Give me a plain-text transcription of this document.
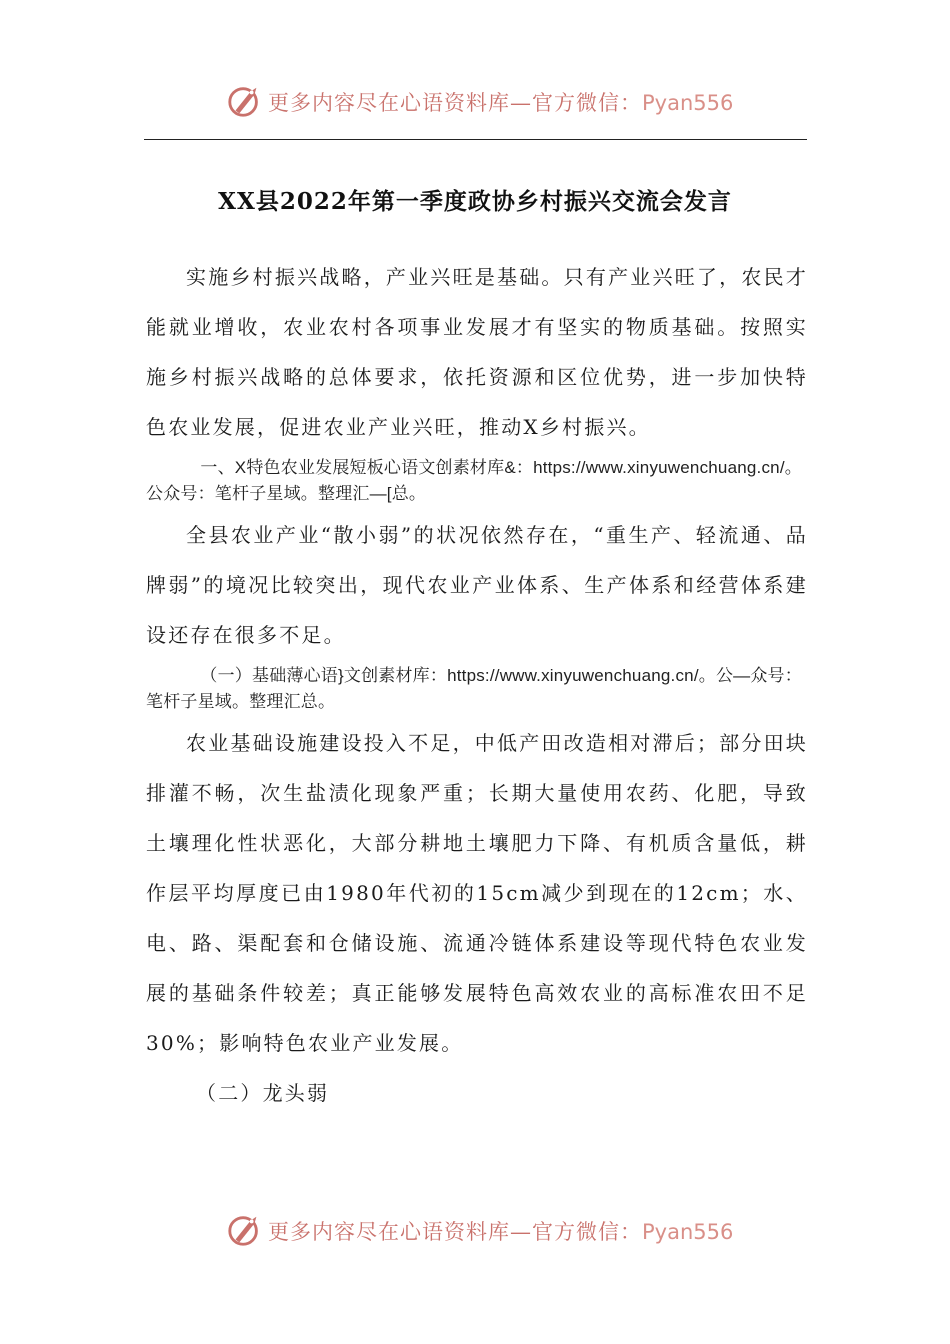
更多内容尽在心语资料库—官方微信：Pyan556
XX县2022年第一季度政协乡村振兴交流会发言

实施乡村振兴战略，产业兴旺是基础。只有产业兴旺了，农民才能就业增收，农业农村各项事业发展才有坚实的物质基础。按照实施乡村振兴战略的总体要求，依托资源和区位优势，进一步加快特色农业发展，促进农业产业兴旺，推动X乡村振兴。

一、X特色农业发展短板心语文创素材库&：https://www.xinyuwenchuang.cn/。公众号：笔杆子星域。整理汇—[总。

全县农业产业“散小弱”的状况依然存在，“重生产、轻流通、品牌弱”的境况比较突出，现代农业产业体系、生产体系和经营体系建设还存在很多不足。

（一）基础薄心语}文创素材库：https://www.xinyuwenchuang.cn/。公—众号：笔杆子星域。整理汇总。

农业基础设施建设投入不足，中低产田改造相对滞后；部分田块排灌不畅，次生盐渍化现象严重；长期大量使用农药、化肥，导致土壤理化性状恶化，大部分耕地土壤肥力下降、有机质含量低，耕作层平均厚度已由1980年代初的15cm减少到现在的12cm；水、电、路、渠配套和仓储设施、流通冷链体系建设等现代特色农业发展的基础条件较差；真正能够发展特色高效农业的高标准农田不足30%；影响特色农业产业发展。

（二）龙头弱

更多内容尽在心语资料库—官方微信：Pyan556
